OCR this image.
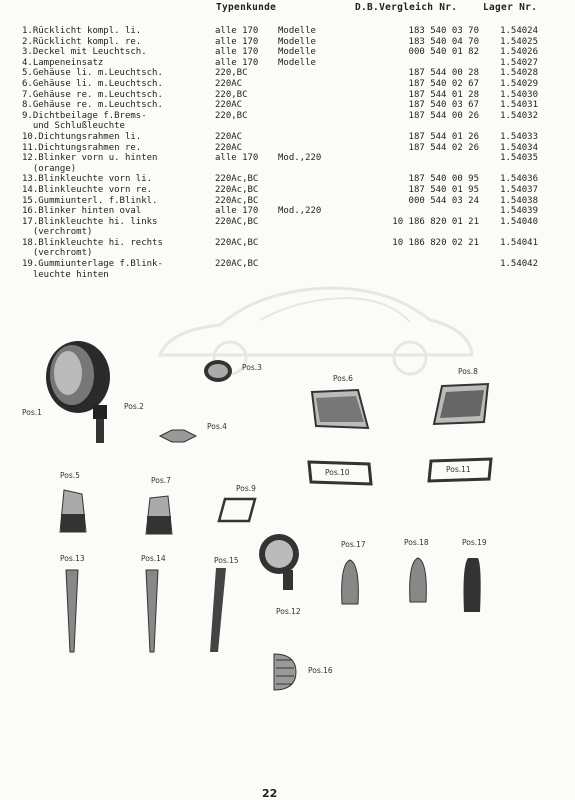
Typenkunde	D.B.Vergleich Nr.	Lager Nr.
1.Rücklicht kompl. li.	alle 170	Modelle	183 540 03 70	1.54024
2.Rücklicht kompl. re.	alle 170	Modelle	183 540 04 70	1.54025
3.Deckel mit Leuchtsch.	alle 170	Modelle	000 540 01 82	1.54026
4.Lampeneinsatz	alle 170	Modelle		1.54027
5.Gehäuse li. m.Leuchtsch.	220,BC		187 544 00 28	1.54028
6.Gehäuse li. m.Leuchtsch.	220AC		187 540 02 67	1.54029
7.Gehäuse re. m.Leuchtsch.	220,BC		187 544 01 28	1.54030
8.Gehäuse re. m.Leuchtsch.	220AC		187 540 03 67	1.54031
9.Dichtbeilage f.Brems-	220,BC		187 544 00 26	1.54032
und Schlußleuchte				
10.Dichtungsrahmen li.	220AC		187 544 01 26	1.54033
11.Dichtungsrahmen re.	220AC		187 544 02 26	1.54034
12.Blinker vorn u. hinten	alle 170	Mod.,220		1.54035
(orange)				
13.Blinkleuchte vorn li.	220Ac,BC		187 540 00 95	1.54036
14.Blinkleuchte vorn re.	220Ac,BC		187 540 01 95	1.54037
15.Gummiunterl. f.Blinkl.	220Ac,BC		000 544 03 24	1.54038
16.Blinker hinten oval	alle 170	Mod.,220		1.54039
17.Blinkleuchte hi. links	220AC,BC		10 186 820 01 21	1.54040
(verchromt)				
18.Blinkleuchte hi. rechts	220AC,BC		10 186 820 02 21	1.54041
(verchromt)				
19.Gummiunterlage f.Blink-	220AC,BC			1.54042
leuchte hinten				
Pos.1
Pos.2
Pos.3
Pos.4
Pos.6
Pos.8
Pos.10	Pos.11
Pos.5
Pos.7
Pos.9
Pos.13	Pos.14	Pos.15
Pos.12
Pos.17	Pos.18	Pos.19
Pos.16
22
